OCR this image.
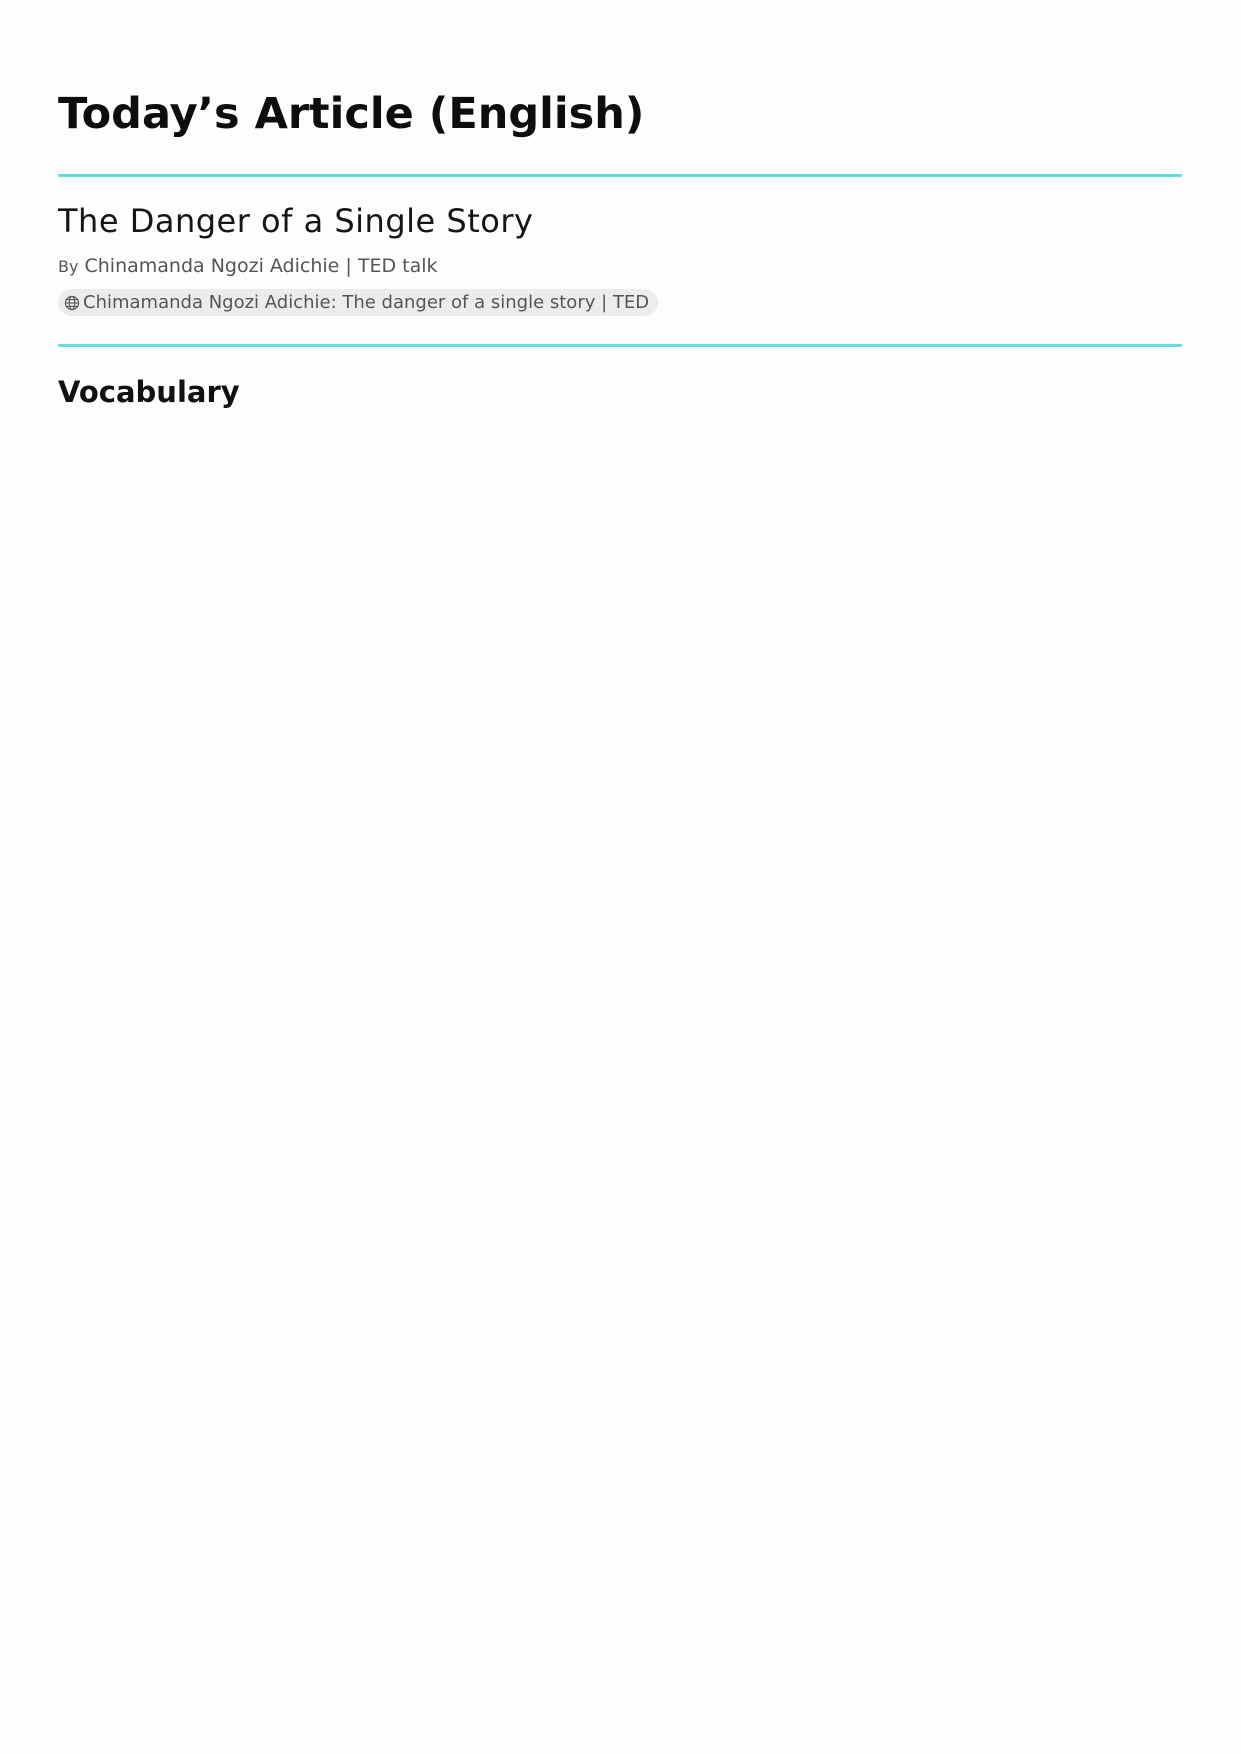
Today’s Article (English)
The Danger of a Single Story
By Chinamanda Ngozi Adichie | TED talk
Chimamanda Ngozi Adichie: The danger of a single story | TED
Vocabulary
